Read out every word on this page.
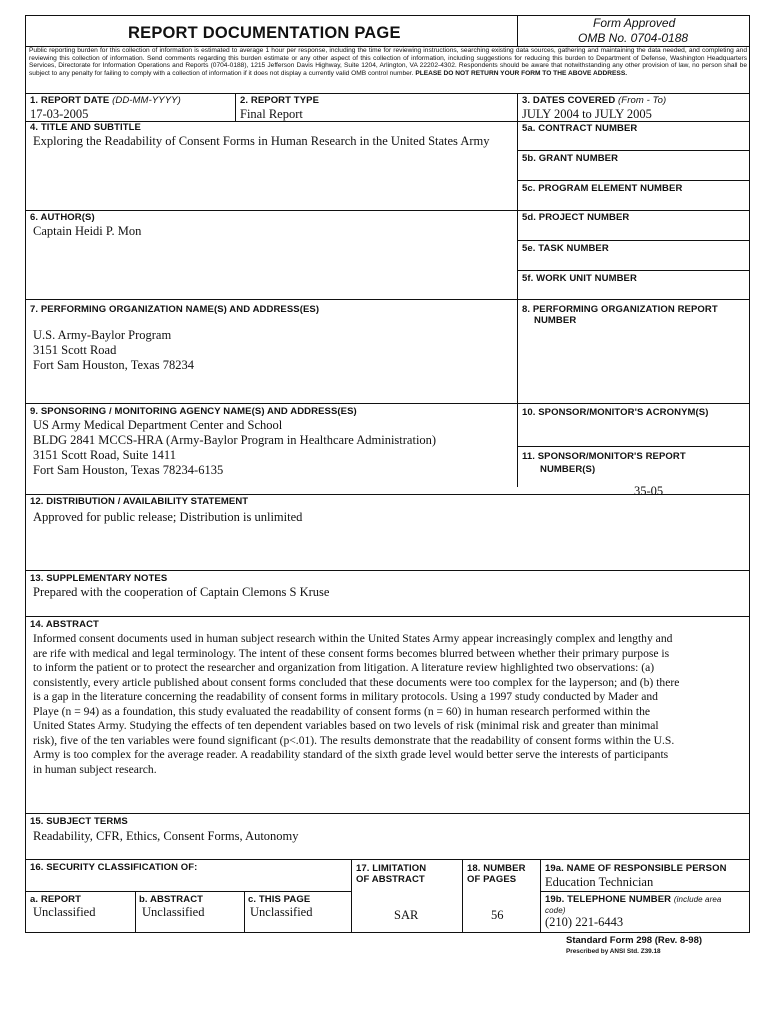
REPORT DOCUMENTATION PAGE
Form Approved
OMB No. 0704-0188
Public reporting burden for this collection of information is estimated to average 1 hour per response, including the time for reviewing instructions, searching existing data sources, gathering and maintaining the data needed, and completing and reviewing this collection of information. Send comments regarding this burden estimate or any other aspect of this collection of information, including suggestions for reducing this burden to Department of Defense, Washington Headquarters Services, Directorate for Information Operations and Reports (0704-0188), 1215 Jefferson Davis Highway, Suite 1204, Arlington, VA 22202-4302. Respondents should be aware that notwithstanding any other provision of law, no person shall be subject to any penalty for failing to comply with a collection of information if it does not display a currently valid OMB control number. PLEASE DO NOT RETURN YOUR FORM TO THE ABOVE ADDRESS.
1. REPORT DATE (DD-MM-YYYY)
17-03-2005
2. REPORT TYPE
Final Report
3. DATES COVERED (From - To)
JULY 2004 to JULY 2005
4. TITLE AND SUBTITLE
Exploring the Readability of Consent Forms in Human Research in the United States Army
5a. CONTRACT NUMBER
5b. GRANT NUMBER
5c. PROGRAM ELEMENT NUMBER
6. AUTHOR(S)
Captain Heidi P. Mon
5d. PROJECT NUMBER
5e. TASK NUMBER
5f. WORK UNIT NUMBER
7. PERFORMING ORGANIZATION NAME(S) AND ADDRESS(ES)
U.S. Army-Baylor Program
3151 Scott Road
Fort Sam Houston, Texas 78234
8. PERFORMING ORGANIZATION REPORT
NUMBER
9. SPONSORING / MONITORING AGENCY NAME(S) AND ADDRESS(ES)
US Army Medical Department Center and School
BLDG 2841 MCCS-HRA (Army-Baylor Program in Healthcare Administration)
3151 Scott Road, Suite 1411
Fort Sam Houston, Texas 78234-6135
10. SPONSOR/MONITOR'S ACRONYM(S)
11. SPONSOR/MONITOR'S REPORT
NUMBER(S)
35-05
12. DISTRIBUTION / AVAILABILITY STATEMENT
Approved for public release; Distribution is unlimited
13. SUPPLEMENTARY NOTES
Prepared with the cooperation of Captain Clemons S Kruse
14. ABSTRACT
Informed consent documents used in human subject research within the United States Army appear increasingly complex and lengthy and
are rife with medical and legal terminology. The intent of these consent forms becomes blurred between whether their primary purpose is
to inform the patient or to protect the researcher and organization from litigation. A literature review highlighted two observations: (a)
consistently, every article published about consent forms concluded that these documents were too complex for the layperson; and (b) there
is a gap in the literature concerning the readability of consent forms in military protocols. Using a 1997 study conducted by Mader and
Playe (n = 94) as a foundation, this study evaluated the readability of consent forms (n = 60) in human research performed within the
United States Army. Studying the effects of ten dependent variables based on two levels of risk (minimal risk and greater than minimal
risk), five of the ten variables were found significant (p<.01). The results demonstrate that the readability of consent forms within the U.S.
Army is too complex for the average reader. A readability standard of the sixth grade level would better serve the interests of participants
in human subject research.
15. SUBJECT TERMS
Readability, CFR, Ethics, Consent Forms, Autonomy
16. SECURITY CLASSIFICATION OF:
a. REPORT
Unclassified
b. ABSTRACT
Unclassified
c. THIS PAGE
Unclassified
17. LIMITATION
OF ABSTRACT
SAR
18. NUMBER
OF PAGES
56
19a. NAME OF RESPONSIBLE PERSON
Education Technician
19b. TELEPHONE NUMBER (include area
code)
(210) 221-6443
Standard Form 298 (Rev. 8-98)
Prescribed by ANSI Std. Z39.18
